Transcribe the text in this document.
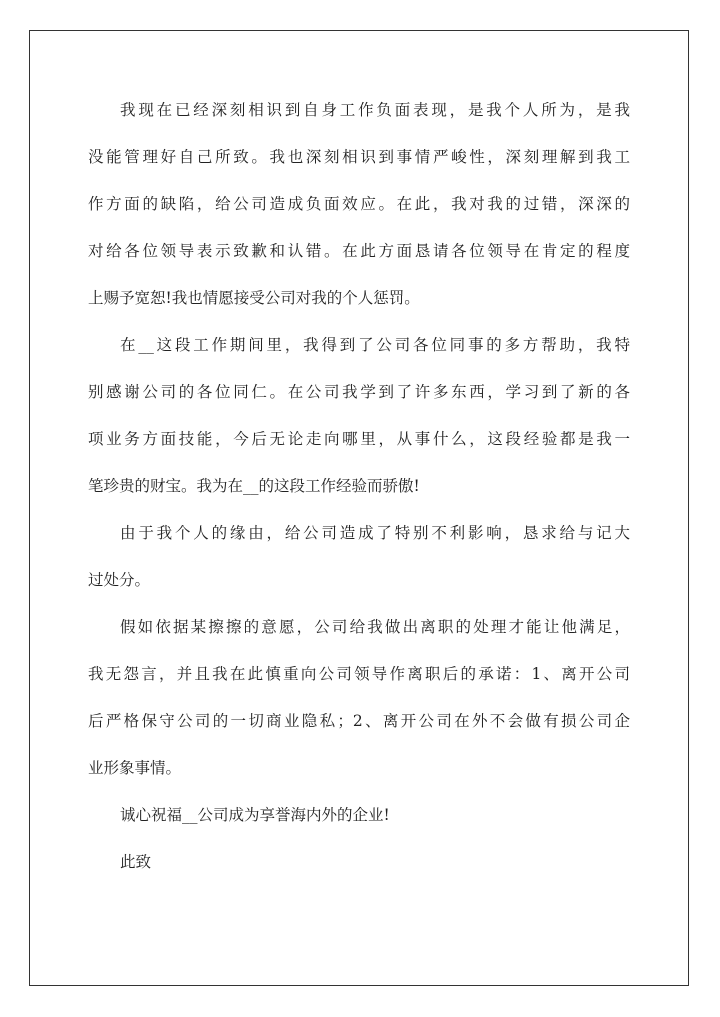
我现在已经深刻相识到自身工作负面表现，是我个人所为，是我
没能管理好自己所致。我也深刻相识到事情严峻性，深刻理解到我工
作方面的缺陷，给公司造成负面效应。在此，我对我的过错，深深的
对给各位领导表示致歉和认错。在此方面恳请各位领导在肯定的程度
上赐予宽恕!我也情愿接受公司对我的个人惩罚。
在__这段工作期间里，我得到了公司各位同事的多方帮助，我特
别感谢公司的各位同仁。在公司我学到了许多东西，学习到了新的各
项业务方面技能，今后无论走向哪里，从事什么，这段经验都是我一
笔珍贵的财宝。我为在__的这段工作经验而骄傲!
由于我个人的缘由，给公司造成了特别不利影响，恳求给与记大
过处分。
假如依据某擦擦的意愿，公司给我做出离职的处理才能让他满足，
我无怨言，并且我在此慎重向公司领导作离职后的承诺：1、离开公司
后严格保守公司的一切商业隐私；2、离开公司在外不会做有损公司企
业形象事情。
诚心祝福__公司成为享誉海内外的企业!
此致
